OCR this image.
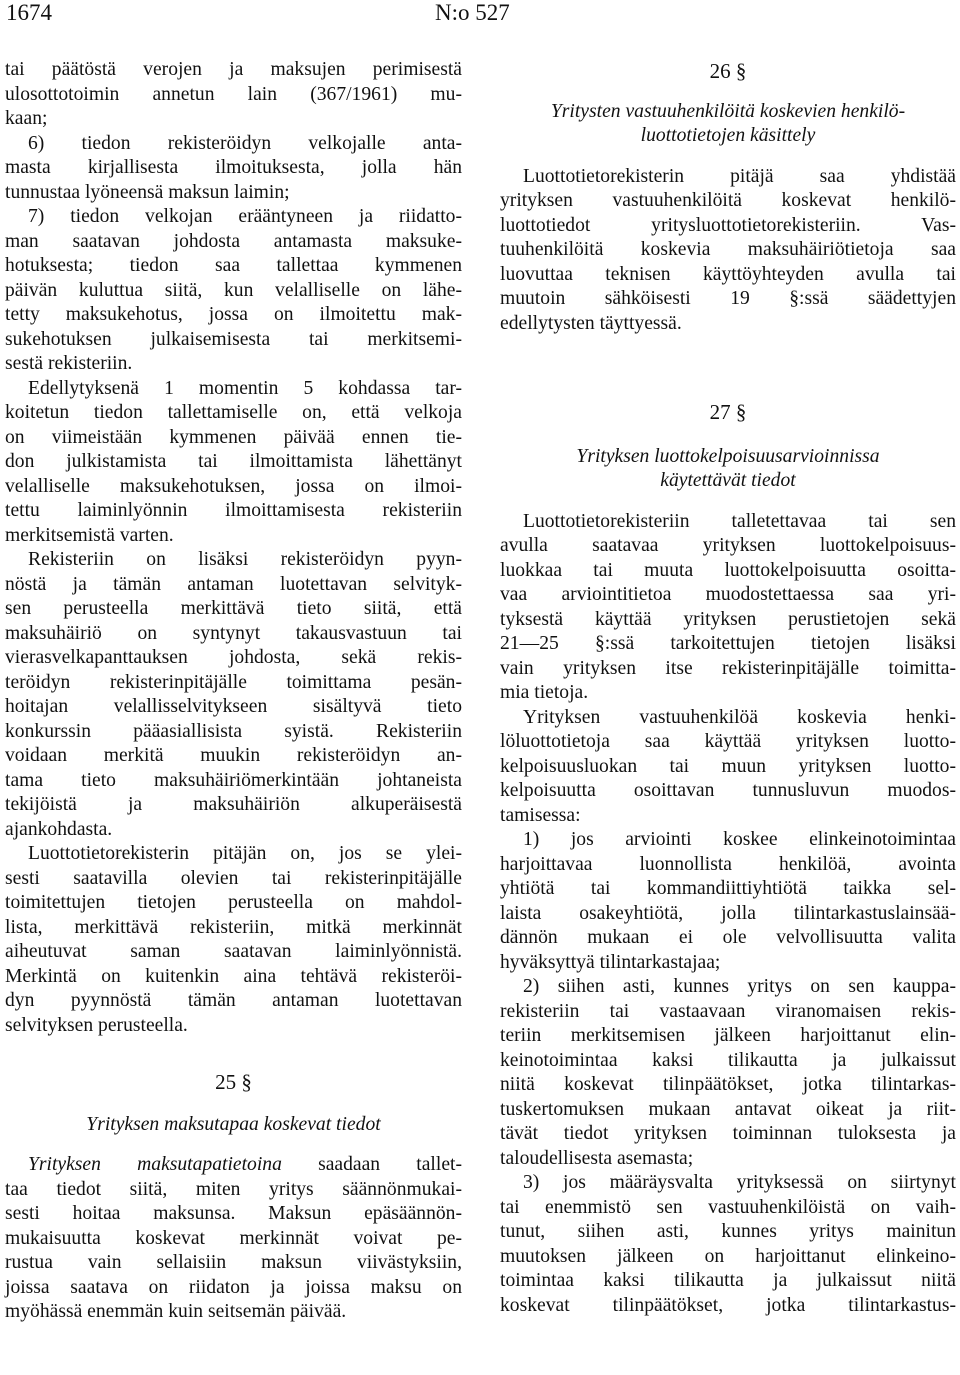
1674	N:o 527
tai päätöstä verojen ja maksujen perimisestä
ulosottotoimin annetun lain (367/1961) mu-
kaan;
6) tiedon rekisteröidyn velkojalle anta-
masta kirjallisesta ilmoituksesta, jolla hän
tunnustaa lyöneensä maksun laimin;
7) tiedon velkojan erääntyneen ja riidatto-
man saatavan johdosta antamasta maksuke-
hotuksesta; tiedon saa tallettaa kymmenen
päivän kuluttua siitä, kun velalliselle on lähe-
tetty maksukehotus, jossa on ilmoitettu mak-
sukehotuksen julkaisemisesta tai merkitsemi-
sestä rekisteriin.
Edellytyksenä 1 momentin 5 kohdassa tar-
koitetun tiedon tallettamiselle on, että velkoja
on viimeistään kymmenen päivää ennen tie-
don julkistamista tai ilmoittamista lähettänyt
velalliselle maksukehotuksen, jossa on ilmoi-
tettu laiminlyönnin ilmoittamisesta rekisteriin
merkitsemistä varten.
Rekisteriin on lisäksi rekisteröidyn pyyn-
nöstä ja tämän antaman luotettavan selvityk-
sen perusteella merkittävä tieto siitä, että
maksuhäiriö on syntynyt takausvastuun tai
vierasvelkapanttauksen johdosta, sekä rekis-
teröidyn rekisterinpitäjälle toimittama pesän-
hoitajan velallisselvitykseen sisältyvä tieto
konkurssin pääasiallisista syistä. Rekisteriin
voidaan merkitä muukin rekisteröidyn an-
tama tieto maksuhäiriömerkintään johtaneista
tekijöistä ja maksuhäiriön alkuperäisestä
ajankohdasta.
Luottotietorekisterin pitäjän on, jos se ylei-
sesti saatavilla olevien tai rekisterinpitäjälle
toimitettujen tietojen perusteella on mahdol-
lista, merkittävä rekisteriin, mitkä merkinnät
aiheutuvat saman saatavan laiminlyönnistä.
Merkintä on kuitenkin aina tehtävä rekisteröi-
dyn pyynnöstä tämän antaman luotettavan
selvityksen perusteella.
25 §
Yrityksen maksutapaa koskevat tiedot
Yrityksen maksutapatietoina saadaan tallet-
taa tiedot siitä, miten yritys säännönmukai-
sesti hoitaa maksunsa. Maksun epäsäännön-
mukaisuutta koskevat merkinnät voivat pe-
rustua vain sellaisiin maksun viivästyksiin,
joissa saatava on riidaton ja joissa maksu on
myöhässä enemmän kuin seitsemän päivää.
26 §
Yritysten vastuuhenkilöitä koskevien henkilö-
luottotietojen käsittely
Luottotietorekisterin pitäjä saa yhdistää
yrityksen vastuuhenkilöitä koskevat henkilö-
luottotiedot yritysluottotietorekisteriin. Vas-
tuuhenkilöitä koskevia maksuhäiriötietoja saa
luovuttaa teknisen käyttöyhteyden avulla tai
muutoin sähköisesti 19 §:ssä säädettyjen
edellytysten täyttyessä.
27 §
Yrityksen luottokelpoisuusarvioinnissa
käytettävät tiedot
Luottotietorekisteriin talletettavaa tai sen
avulla saatavaa yrityksen luottokelpoisuus-
luokkaa tai muuta luottokelpoisuutta osoitta-
vaa arviointitietoa muodostettaessa saa yri-
tyksestä käyttää yrityksen perustietojen sekä
21—25 §:ssä tarkoitettujen tietojen lisäksi
vain yrityksen itse rekisterinpitäjälle toimitta-
mia tietoja.
Yrityksen vastuuhenkilöä koskevia henki-
löluottotietoja saa käyttää yrityksen luotto-
kelpoisuusluokan tai muun yrityksen luotto-
kelpoisuutta osoittavan tunnusluvun muodos-
tamisessa:
1) jos arviointi koskee elinkeinotoimintaa
harjoittavaa luonnollista henkilöä, avointa
yhtiötä tai kommandiittiyhtiötä taikka sel-
laista osakeyhtiötä, jolla tilintarkastuslainsää-
dännön mukaan ei ole velvollisuutta valita
hyväksyttyä tilintarkastajaa;
2) siihen asti, kunnes yritys on sen kauppa-
rekisteriin tai vastaavaan viranomaisen rekis-
teriin merkitsemisen jälkeen harjoittanut elin-
keinotoimintaa kaksi tilikautta ja julkaissut
niitä koskevat tilinpäätökset, jotka tilintarkas-
tuskertomuksen mukaan antavat oikeat ja riit-
tävät tiedot yrityksen toiminnan tuloksesta ja
taloudellisesta asemasta;
3) jos määräysvalta yrityksessä on siirtynyt
tai enemmistö sen vastuuhenkilöistä on vaih-
tunut, siihen asti, kunnes yritys mainitun
muutoksen jälkeen on harjoittanut elinkeino-
toimintaa kaksi tilikautta ja julkaissut niitä
koskevat tilinpäätökset, jotka tilintarkastus-
